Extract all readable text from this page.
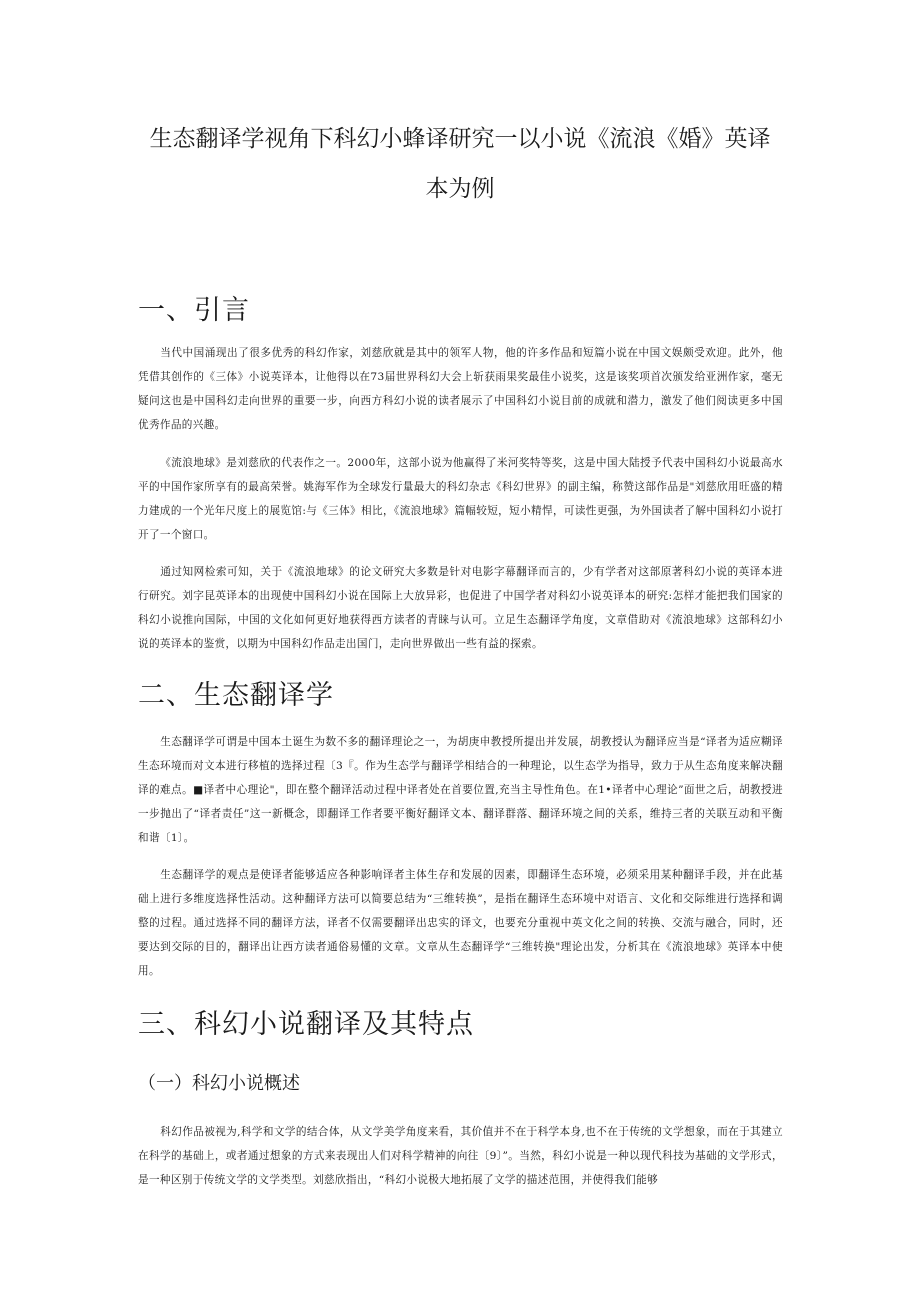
生态翻译学视角下科幻小蜂译研究一以小说《流浪《婚》英译
本为例
一、引言

当代中国涌现出了很多优秀的科幻作家，刘慈欣就是其中的领军人物，他的许多作品和短篇小说在中国文娱颇受欢迎。此外，他凭借其创作的《三体》小说英译本，让他得以在73届世界科幻大会上斩获雨果奖最佳小说奖，这是该奖项首次颁发给亚洲作家，毫无疑问这也是中国科幻走向世界的重要一步，向西方科幻小说的读者展示了中国科幻小说目前的成就和潜力，激发了他们阅读更多中国优秀作品的兴趣。

《流浪地球》是刘慈欣的代表作之一。2000年，这部小说为他赢得了米河奖特等奖，这是中国大陆授予代表中国科幻小说最高水平的中国作家所享有的最高荣誉。姚海军作为全球发行量最大的科幻杂志《科幻世界》的副主编，称赞这部作品是"刘慈欣用旺盛的精力建成的一个光年尺度上的展览馆:与《三体》相比，《流浪地球》篇幅较短，短小精悍，可读性更强，为外国读者了解中国科幻小说打开了一个窗口。

通过知网检索可知，关于《流浪地球》的论文研究大多数是针对电影字幕翻译而言的，少有学者对这部原著科幻小说的英译本进行研究。刘字昆英译本的出现使中国科幻小说在国际上大放异彩，也促进了中国学者对科幻小说英译本的研究:怎样才能把我们国家的科幻小说推向国际，中国的文化如何更好地获得西方读者的青睐与认可。立足生态翻译学角度，文章借助对《流浪地球》这部科幻小说的英译本的鉴赏，以期为中国科幻作品走出国门，走向世界做出一些有益的探索。

二、生态翻译学

生态翻译学可谓是中国本土诞生为数不多的翻译理论之一，为胡庚申教授所提出并发展，胡教授认为翻译应当是“译者为适应糊译生态环境而对文本进行移植的选择过程〔3『。作为生态学与翻译学相结合的一种理论，以生态学为指导，致力于从生态角度来解决翻译的难点。■译者中心理论"，即在整个翻译活动过程中译者处在首要位置,充当主导性角色。在1•译者中心理论”面世之后，胡教授进一步抛出了“译者责任”这一新概念，即翻译工作者要平衡好翻译文本、翻译群落、翻译环境之间的关系，维持三者的关联互动和平衡和谐〔1〕。

生态翻译学的观点是使译者能够适应各种影响译者主体生存和发展的因素，即翻译生态环境，必须采用某种翻译手段，并在此基础上进行多维度选择性活动。这种翻译方法可以简要总结为“三维转换”，是指在翻译生态环境中对语言、文化和交际维进行选择和调整的过程。通过选择不同的翻译方法，译者不仅需要翻译出忠实的译文，也要充分重视中英文化之间的转换、交流与融合，同时，还要达到交际的目的，翻译出让西方读者通俗易懂的文章。文章从生态翻译学“三维转换"理论出发，分析其在《流浪地球》英译本中使用。

三、科幻小说翻译及其特点
（一）科幻小说概述

科幻作品被视为,科学和文学的结合体，从文学美学角度来看，其价值并不在于科学本身,也不在于传统的文学想象，而在于其建立在科学的基础上，或者通过想象的方式来表现出人们对科学精神的向往〔9〕”。当然，科幻小说是一种以现代科技为基础的文学形式，是一种区别于传统文学的文学类型。刘慈欣指出，“科幻小说极大地拓展了文学的描述范围，并使得我们能够
